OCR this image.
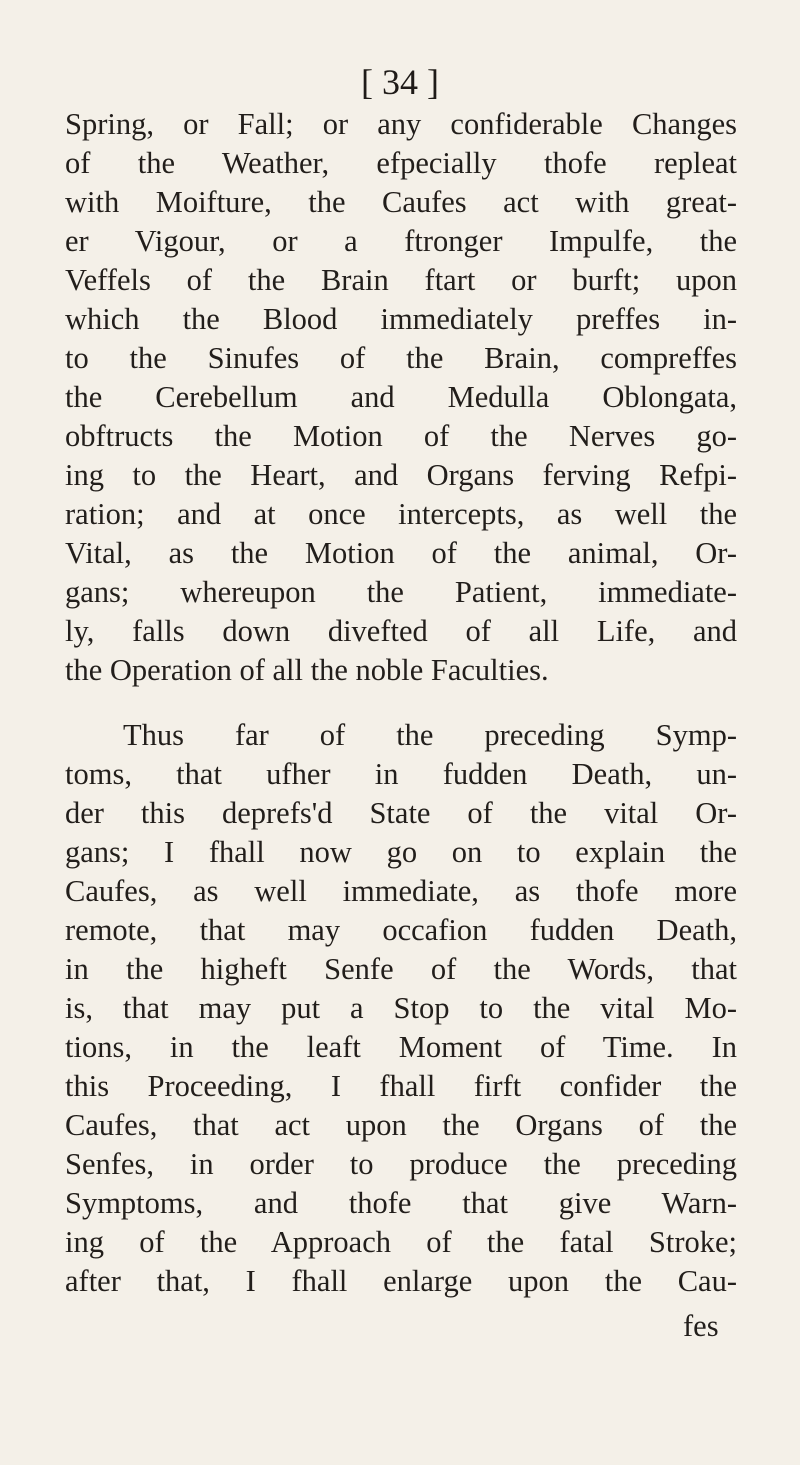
[ 34 ]
Spring, or Fall; or any confiderable Changes
of the Weather, efpecially thofe repleat
with Moifture, the Caufes act with great-
er Vigour, or a ftronger Impulfe, the
Veffels of the Brain ftart or burft; upon
which the Blood immediately preffes in-
to the Sinufes of the Brain, compreffes
the Cerebellum and Medulla Oblongata,
obftructs the Motion of the Nerves go-
ing to the Heart, and Organs ferving Refpi-
ration; and at once intercepts, as well the
Vital, as the Motion of the animal, Or-
gans; whereupon the Patient, immediate-
ly, falls down divefted of all Life, and
the Operation of all the noble Faculties.
Thus far of the preceding Symp-
toms, that ufher in fudden Death, un-
der this deprefs'd State of the vital Or-
gans; I fhall now go on to explain the
Caufes, as well immediate, as thofe more
remote, that may occafion fudden Death,
in the higheft Senfe of the Words, that
is, that may put a Stop to the vital Mo-
tions, in the leaft Moment of Time. In
this Proceeding, I fhall firft confider the
Caufes, that act upon the Organs of the
Senfes, in order to produce the preceding
Symptoms, and thofe that give Warn-
ing of the Approach of the fatal Stroke;
after that, I fhall enlarge upon the Cau-
fes
